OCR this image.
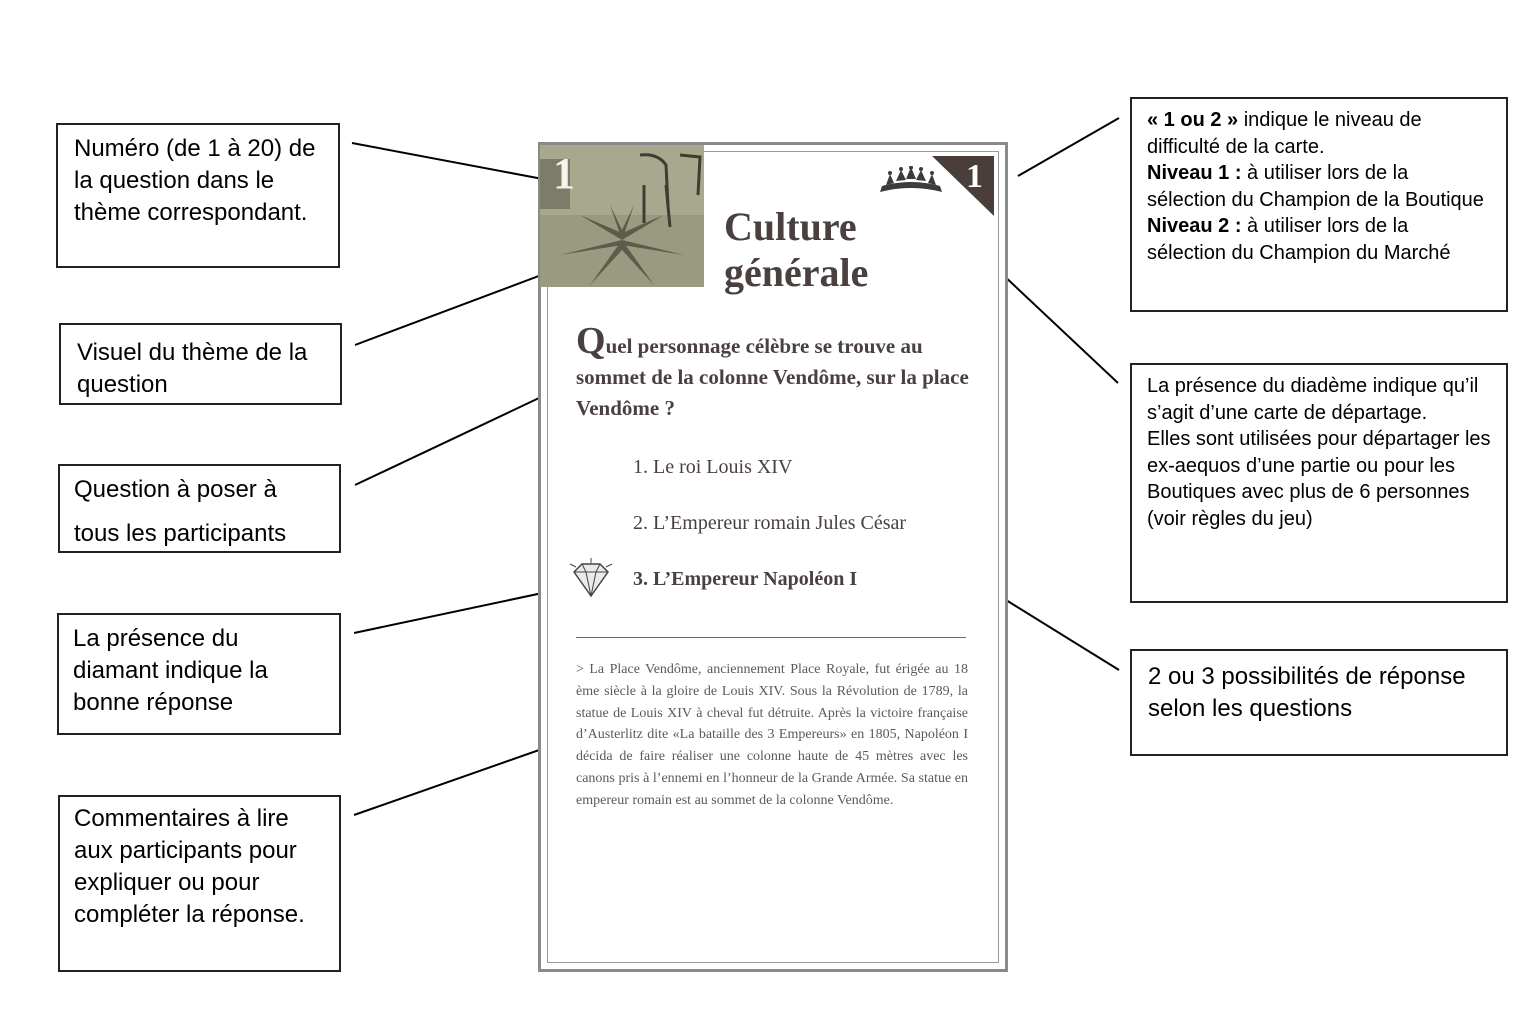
1	1
Culture
générale
Quel personnage célèbre se trouve au sommet de la colonne Vendôme, sur la place Vendôme ?
1. Le roi Louis XIV
2. L’Empereur romain Jules César
3. L’Empereur Napoléon I
> La Place Vendôme, anciennement Place Royale, fut érigée au 18 ème siècle à la gloire de Louis XIV. Sous la Révolution de 1789, la statue de Louis XIV à cheval fut détruite. Après la victoire française d’Austerlitz dite «La bataille des 3 Empereurs» en 1805, Napoléon I décida de faire réaliser une colonne haute de 45 mètres avec les canons pris à l’ennemi en l’honneur de la Grande Armée. Sa statue en empereur romain est au sommet de la colonne Vendôme.

Numéro (de 1 à 20) de la question dans le thème correspondant.

Visuel du thème de la question

Question à poser à tous les participants

La présence du diamant indique la bonne réponse

Commentaires à lire aux participants pour expliquer ou pour compléter la réponse.

« 1 ou 2 » indique le niveau de difficulté de la carte.

Niveau 1 : à utiliser lors de la sélection du Champion de la Boutique

Niveau 2 : à utiliser lors de la sélection du Champion du Marché

La présence du diadème indique qu’il s’agit d’une carte de départage.

Elles sont utilisées pour départager les ex-aequos d’une partie ou pour les Boutiques avec plus de 6 personnes (voir règles du jeu)

2 ou 3 possibilités de réponse selon les questions
